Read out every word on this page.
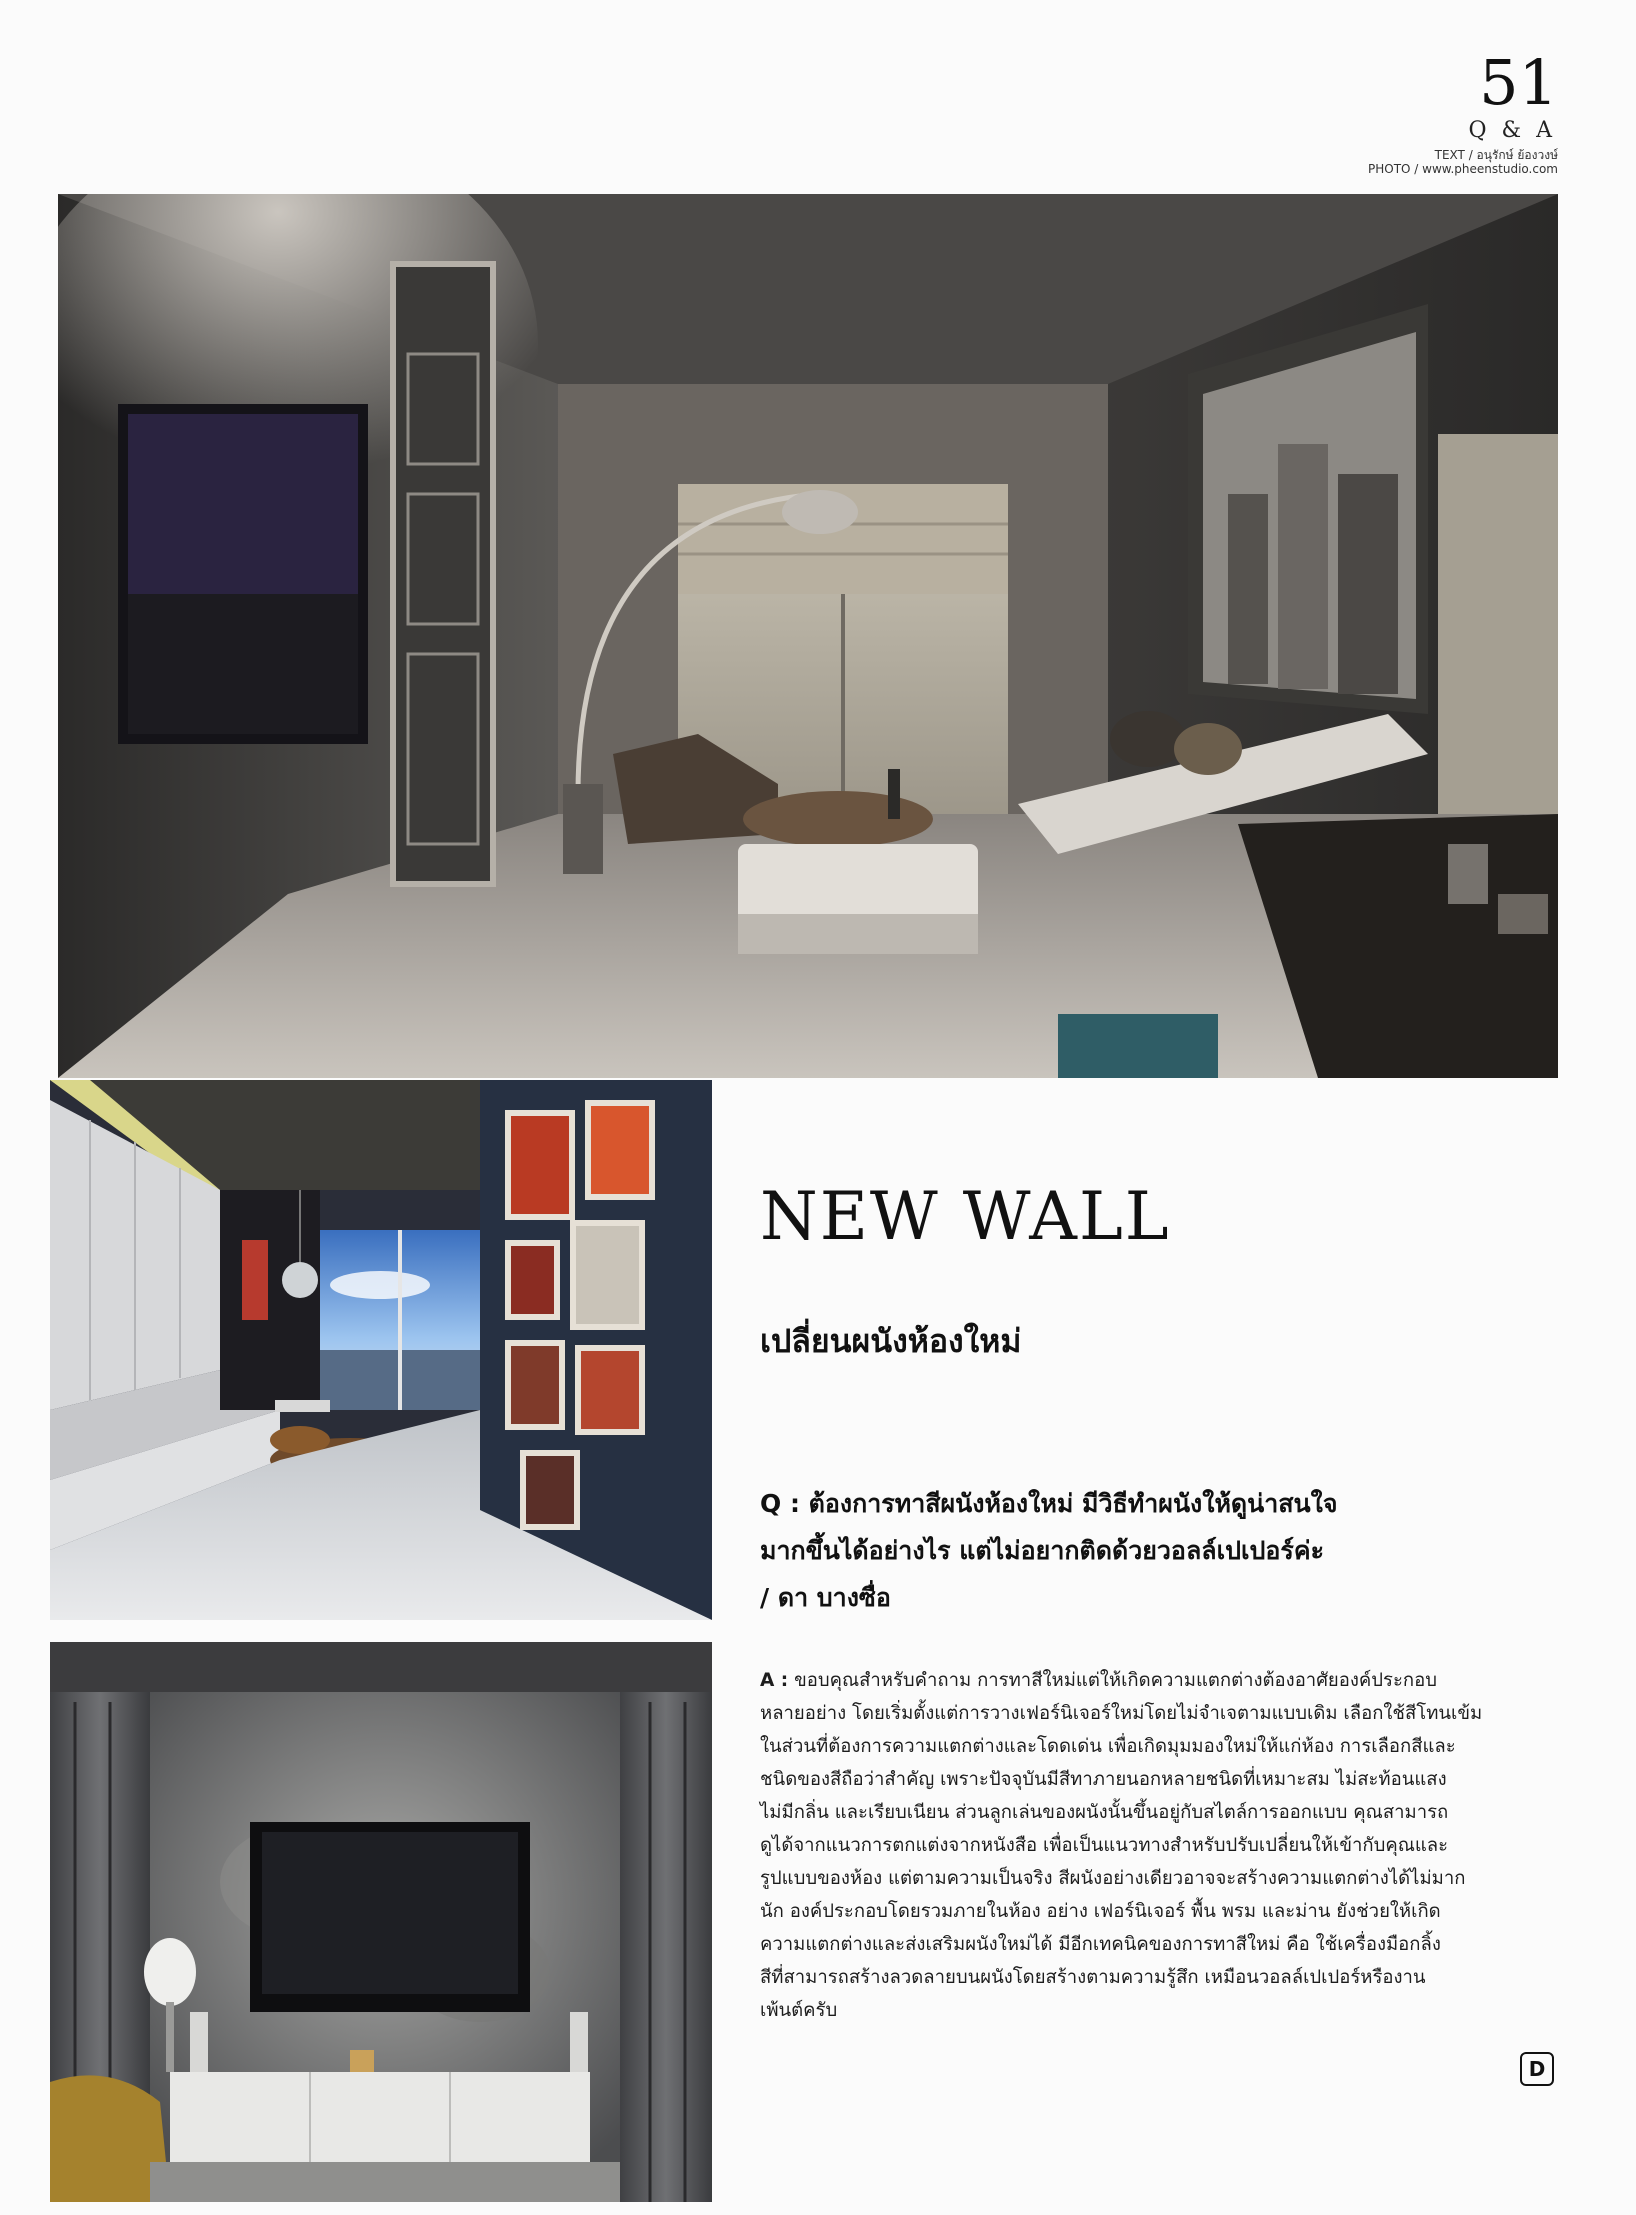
51
Q & A
TEXT / อนุรักษ์ ย้องวงษ์
PHOTO / www.pheenstudio.com
NEW WALL
เปลี่ยนผนังห้องใหม่
Q : ต้องการทาสีผนังห้องใหม่ มีวิธีทำผนังให้ดูน่าสนใจ
มากขึ้นได้อย่างไร แต่ไม่อยากติดด้วยวอลล์เปเปอร์ค่ะ
/ ดา บางซื่อ
A : ขอบคุณสำหรับคำถาม การทาสีใหม่แต่ให้เกิดความแตกต่างต้องอาศัยองค์ประกอบ
หลายอย่าง โดยเริ่มตั้งแต่การวางเฟอร์นิเจอร์ใหม่โดยไม่จำเจตามแบบเดิม เลือกใช้สีโทนเข้ม
ในส่วนที่ต้องการความแตกต่างและโดดเด่น เพื่อเกิดมุมมองใหม่ให้แก่ห้อง การเลือกสีและ
ชนิดของสีถือว่าสำคัญ เพราะปัจจุบันมีสีทาภายนอกหลายชนิดที่เหมาะสม ไม่สะท้อนแสง
ไม่มีกลิ่น และเรียบเนียน ส่วนลูกเล่นของผนังนั้นขึ้นอยู่กับสไตล์การออกแบบ คุณสามารถ
ดูได้จากแนวการตกแต่งจากหนังสือ เพื่อเป็นแนวทางสำหรับปรับเปลี่ยนให้เข้ากับคุณและ
รูปแบบของห้อง แต่ตามความเป็นจริง สีผนังอย่างเดียวอาจจะสร้างความแตกต่างได้ไม่มาก
นัก องค์ประกอบโดยรวมภายในห้อง อย่าง เฟอร์นิเจอร์ พื้น พรม และม่าน ยังช่วยให้เกิด
ความแตกต่างและส่งเสริมผนังใหม่ได้ มีอีกเทคนิคของการทาสีใหม่ คือ ใช้เครื่องมือกลิ้ง
สีที่สามารถสร้างลวดลายบนผนังโดยสร้างตามความรู้สึก เหมือนวอลล์เปเปอร์หรืองาน
เพ้นต์ครับ
D
